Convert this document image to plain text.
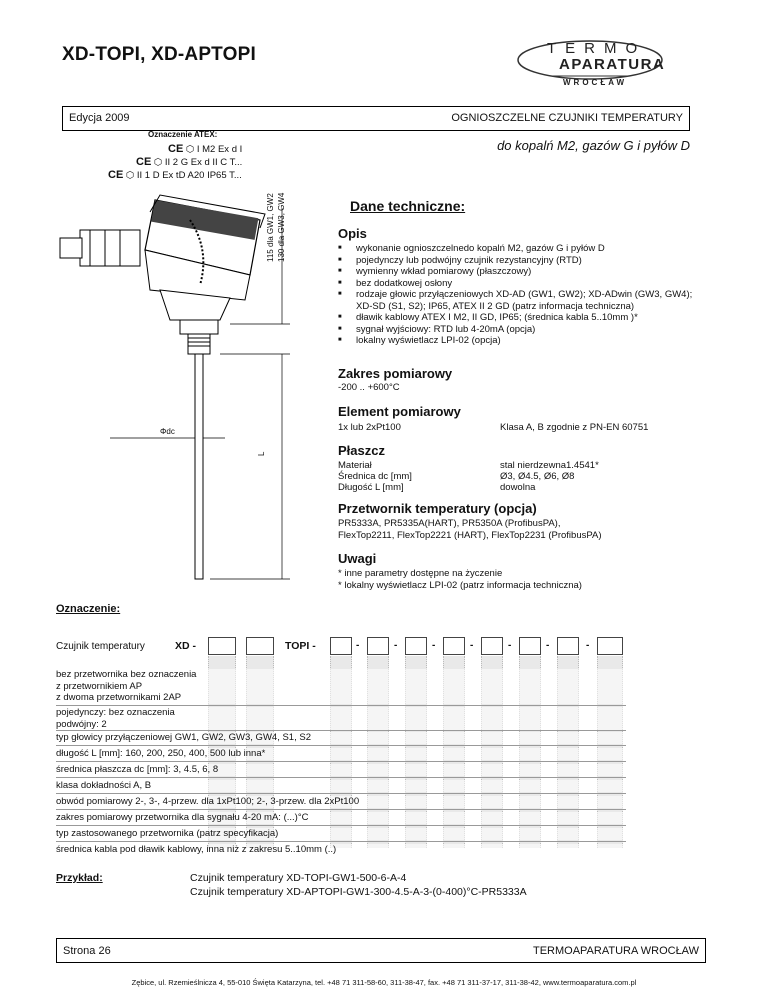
XD-TOPI, XD-APTOPI	TERMO
APARATURA
WROCŁAW
Edycja 2009	OGNIOSZCZELNE CZUJNIKI TEMPERATURY
Oznaczenie ATEX:
CE ⬡ I M2 Ex d I
CE ⬡ II 2 G Ex d II C T...
CE ⬡ II 1 D Ex tD A20 IP65 T...
do kopalń M2, gazów G i pyłów D
115 dla GW1, GW2 130 dla GW3, GW4
Φdc
L
Dane techniczne:
Opis
■ wykonanie ognioszczelnedo kopalń M2, gazów G i pyłów D
■ pojedynczy lub podwójny czujnik rezystancyjny (RTD)
■ wymienny wkład pomiarowy (płaszczowy)
■ bez dodatkowej osłony
■ rodzaje głowic przyłączeniowych XD-AD (GW1, GW2); XD-ADwin (GW3, GW4); XD-SD (S1, S2); IP65, ATEX II 2 GD (patrz informacja techniczna)
■ dławik kablowy ATEX I M2, II GD, IP65; (średnica kabla 5..10mm )*
■ sygnał wyjściowy: RTD lub 4-20mA (opcja)
■ lokalny wyświetlacz LPI-02 (opcja)
Zakres pomiarowy
-200 .. +600°C
Element pomiarowy
1x lub 2xPt100	Klasa A, B zgodnie z PN-EN 60751
Płaszcz
Materiał	stal nierdzewna1.4541*
Średnica dc [mm]	Ø3, Ø4.5, Ø6, Ø8
Długość L [mm]	dowolna
Przetwornik temperatury (opcja)
PR5333A, PR5335A(HART), PR5350A (ProfibusPA),
FlexTop2211, FlexTop2221 (HART), FlexTop2231 (ProfibusPA)
Uwagi
* inne parametry dostępne na życzenie
* lokalny wyświetlacz LPI-02 (patrz informacja techniczna)
Oznaczenie:
Czujnik temperatury	XD -	TOPI -	-	-	-	-	-	-	-
bez przetwornika bez oznaczenia
z przetwornikiem AP
z dwoma przetwornikami 2AP
pojedynczy: bez oznaczenia
podwójny: 2
typ głowicy przyłączeniowej GW1, GW2, GW3, GW4, S1, S2
długość L [mm]: 160, 200, 250, 400, 500 lub inna*
średnica płaszcza dc [mm]: 3, 4.5, 6, 8
klasa dokładności A, B
obwód pomiarowy 2-, 3-, 4-przew. dla 1xPt100; 2-, 3-przew. dla 2xPt100
zakres pomiarowy przetwornika dla sygnału 4-20 mA: (...)°C
typ zastosowanego przetwornika (patrz specyfikacja)
średnica kabla pod dławik kablowy, inna niż z zakresu 5..10mm (..)
Przykład:	Czujnik temperatury XD-TOPI-GW1-500-6-A-4
Czujnik temperatury XD-APTOPI-GW1-300-4.5-A-3-(0-400)°C-PR5333A
Strona 26	TERMOAPARATURA WROCŁAW
Zębice, ul. Rzemieślnicza 4, 55-010 Święta Katarzyna, tel. +48 71 311-58-60, 311-38-47, fax. +48 71 311-37-17, 311-38-42, www.termoaparatura.com.pl
